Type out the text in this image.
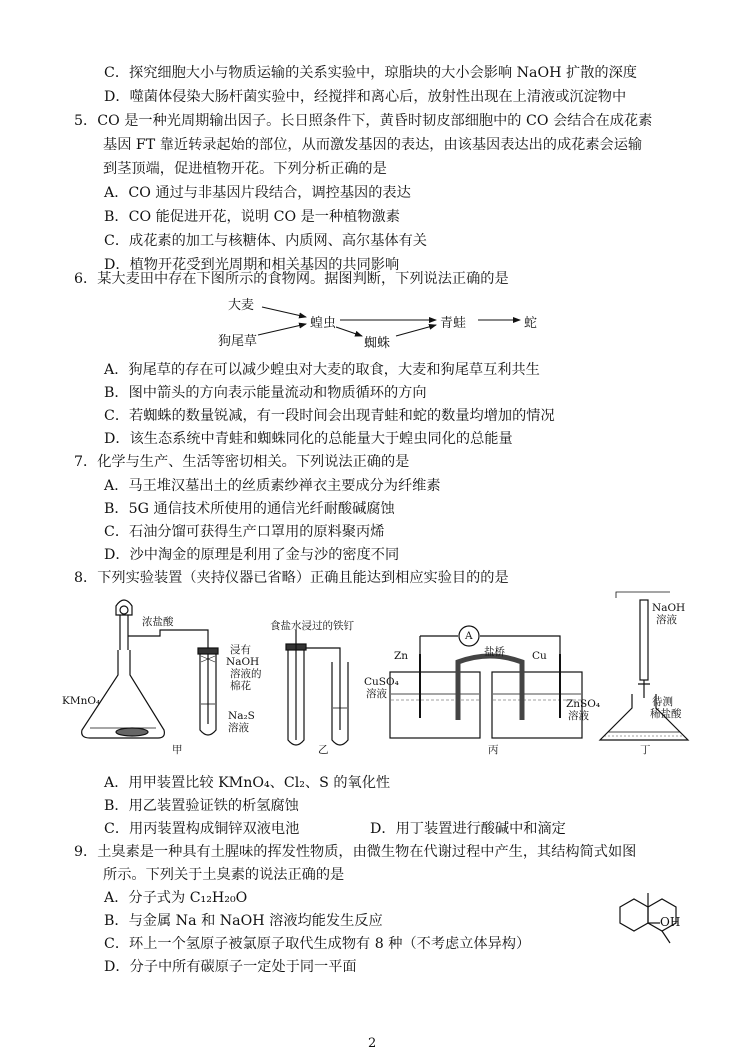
C．探究细胞大小与物质运输的关系实验中，琼脂块的大小会影响 NaOH 扩散的深度
D．噬菌体侵染大肠杆菌实验中，经搅拌和离心后，放射性出现在上清液或沉淀物中
5．CO 是一种光周期输出因子。长日照条件下，黄昏时韧皮部细胞中的 CO 会结合在成花素
基因 FT 靠近转录起始的部位，从而激发基因的表达，由该基因表达出的成花素会运输
到茎顶端，促进植物开花。下列分析正确的是
A．CO 通过与非基因片段结合，调控基因的表达
B．CO 能促进开花，说明 CO 是一种植物激素
C．成花素的加工与核糖体、内质网、高尔基体有关
D．植物开花受到光周期和相关基因的共同影响
6．某大麦田中存在下图所示的食物网。据图判断，下列说法正确的是
大麦
狗尾草
蝗虫
蜘蛛
青蛙	蛇
A．狗尾草的存在可以减少蝗虫对大麦的取食，大麦和狗尾草互利共生
B．图中箭头的方向表示能量流动和物质循环的方向
C．若蜘蛛的数量锐减，有一段时间会出现青蛙和蛇的数量均增加的情况
D．该生态系统中青蛙和蜘蛛同化的总能量大于蝗虫同化的总能量
7．化学与生产、生活等密切相关。下列说法正确的是
A．马王堆汉墓出土的丝质素纱禅衣主要成分为纤维素
B．5G 通信技术所使用的通信光纤耐酸碱腐蚀
C．石油分馏可获得生产口罩用的原料聚丙烯
D．沙中淘金的原理是利用了金与沙的密度不同
8．下列实验装置（夹持仪器已省略）正确且能达到相应实验目的的是
浓盐酸
KMnO₄
浸有
NaOH
溶液的
棉花
Na₂S
溶液
甲
食盐水浸过的铁钉
乙
A
盐桥
Zn	Cu
CuSO₄
溶液
ZnSO₄
溶液
丙
NaOH
溶液
待测
稀盐酸
丁
A．用甲装置比较 KMnO₄、Cl₂、S 的氧化性
B．用乙装置验证铁的析氢腐蚀
C．用丙装置构成铜锌双液电池	D．用丁装置进行酸碱中和滴定
9．土臭素是一种具有土腥味的挥发性物质，由微生物在代谢过程中产生，其结构简式如图
所示。下列关于土臭素的说法正确的是
A．分子式为 C₁₂H₂₀O
B．与金属 Na 和 NaOH 溶液均能发生反应
C．环上一个氢原子被氯原子取代生成物有 8 种（不考虑立体异构）
D．分子中所有碳原子一定处于同一平面
OH
2
